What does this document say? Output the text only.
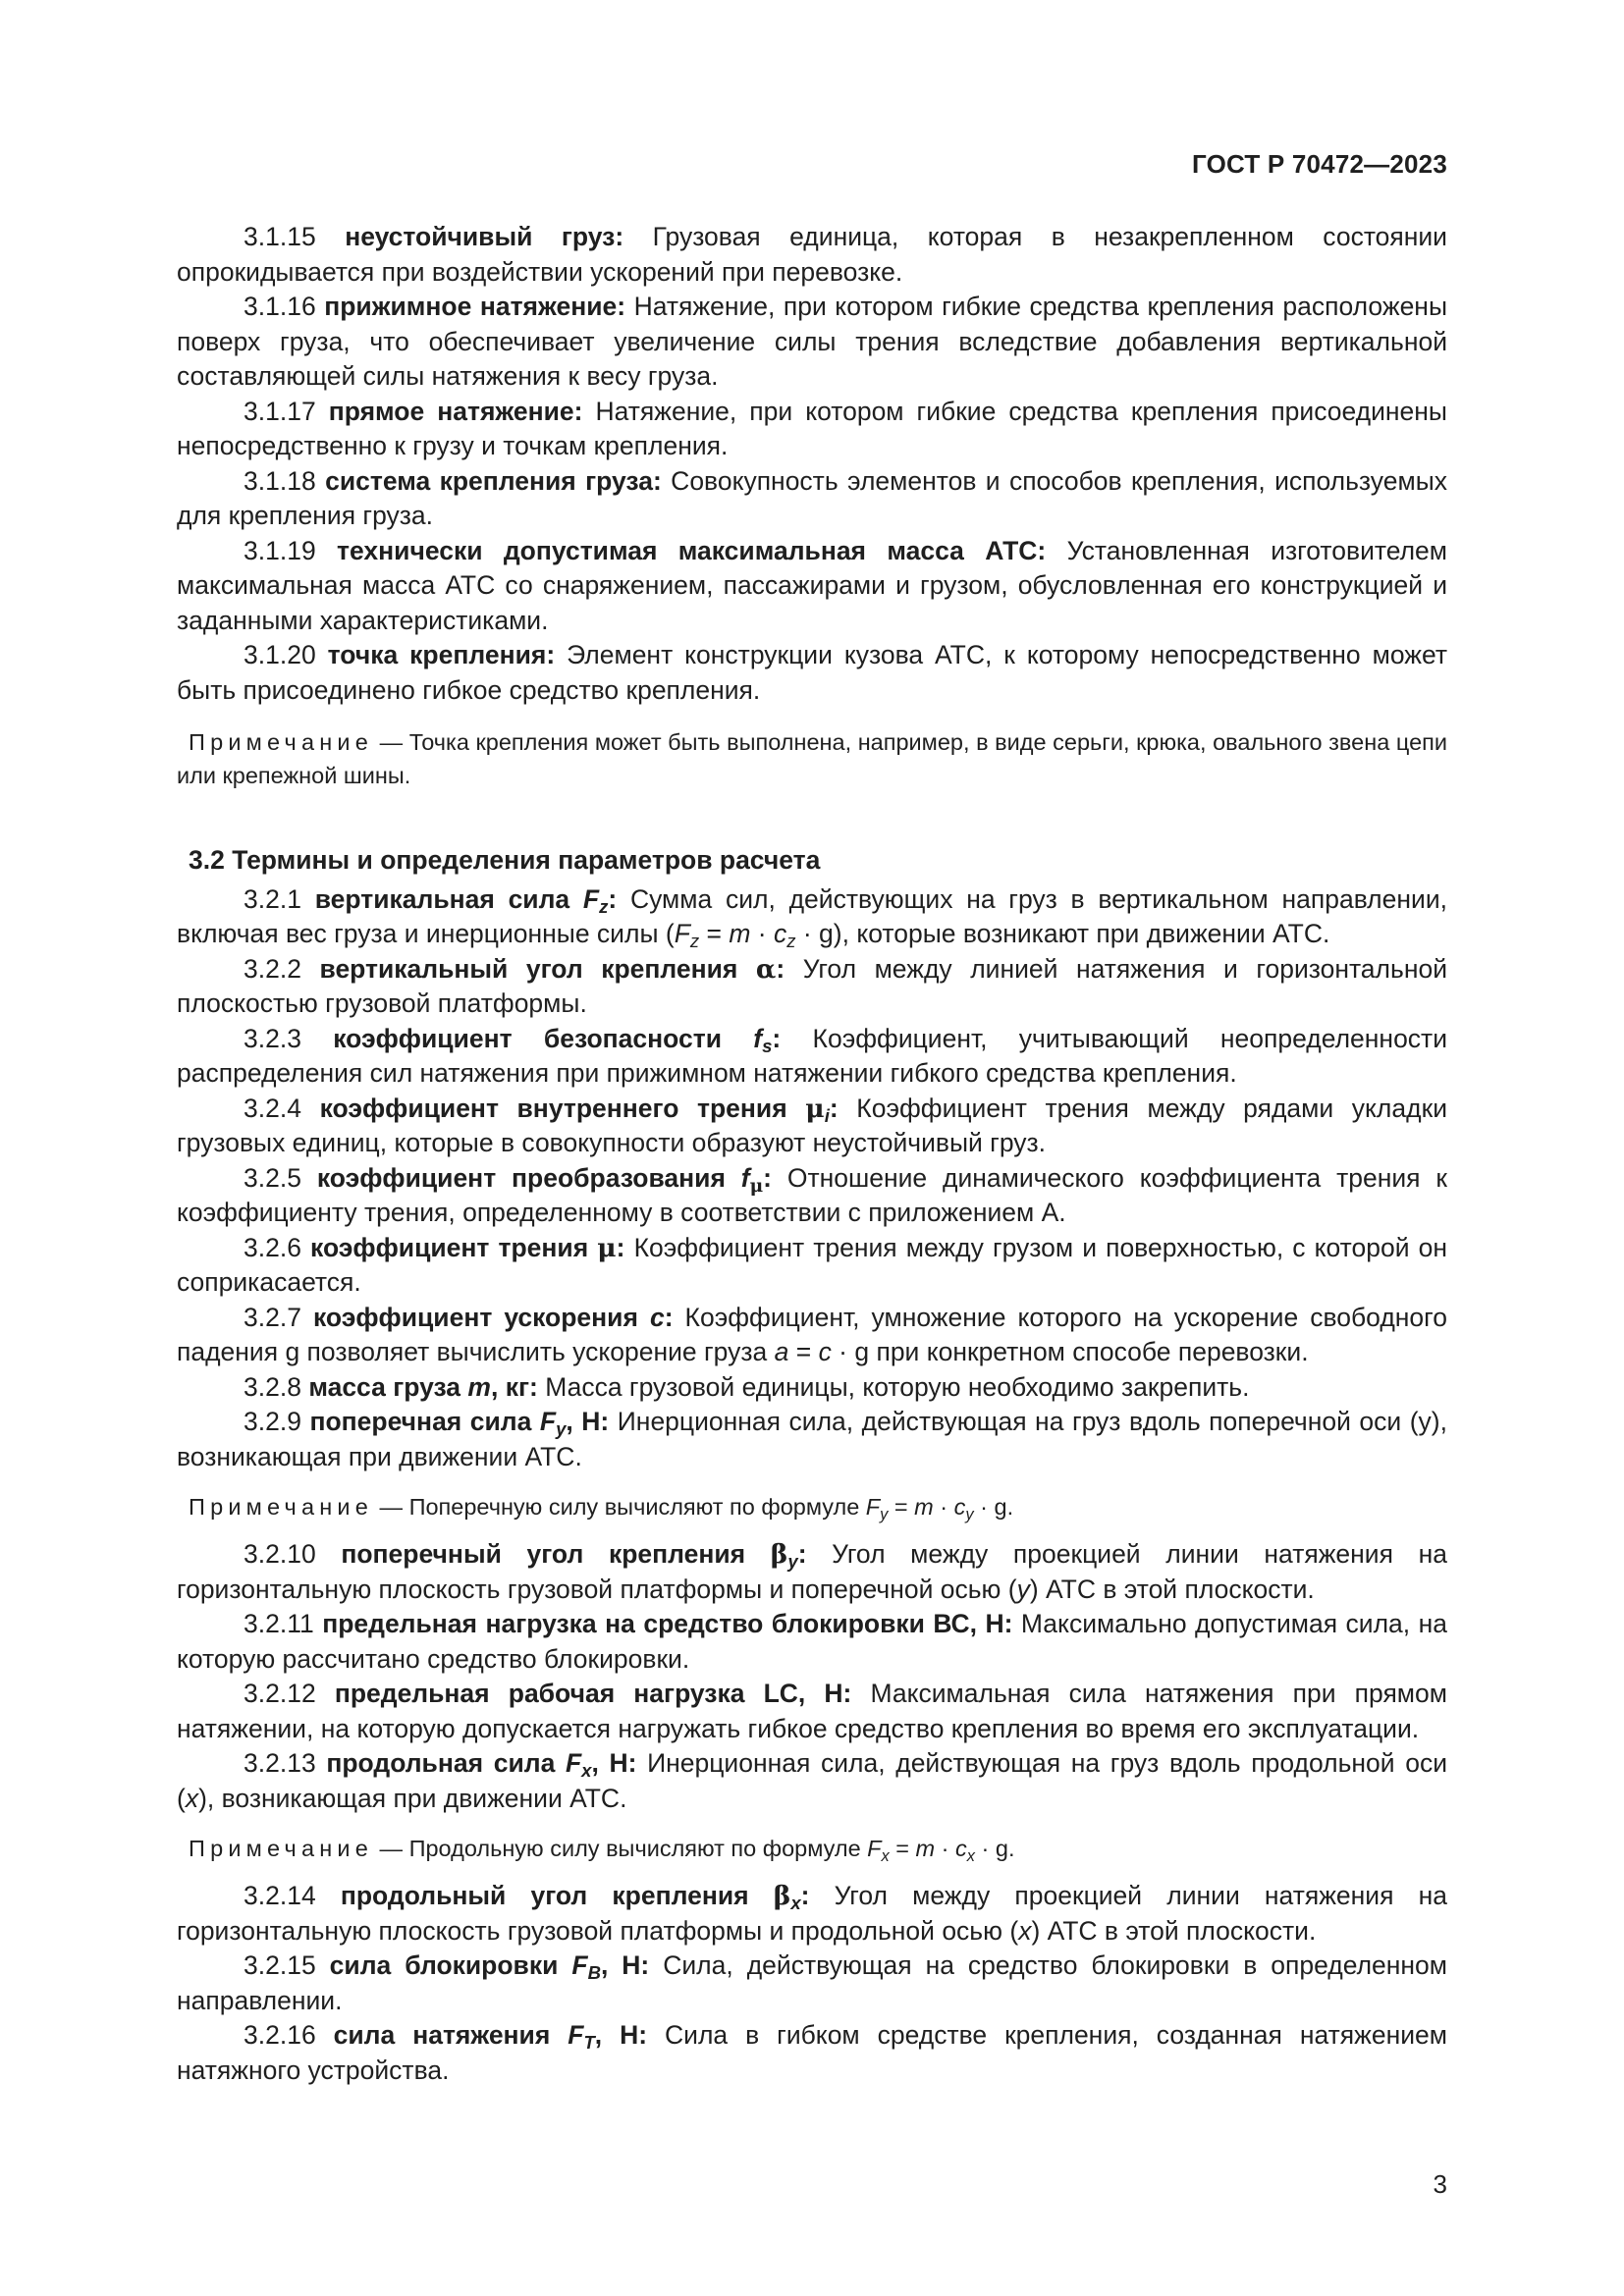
ГОСТ Р 70472—2023

3.1.15 неустойчивый груз: Грузовая единица, которая в незакрепленном состоянии опрокидывается при воздействии ускорений при перевозке.

3.1.16 прижимное натяжение: Натяжение, при котором гибкие средства крепления расположены поверх груза, что обеспечивает увеличение силы трения вследствие добавления вертикальной составляющей силы натяжения к весу груза.

3.1.17 прямое натяжение: Натяжение, при котором гибкие средства крепления присоединены непосредственно к грузу и точкам крепления.

3.1.18 система крепления груза: Совокупность элементов и способов крепления, используемых для крепления груза.

3.1.19 технически допустимая максимальная масса АТС: Установленная изготовителем максимальная масса АТС со снаряжением, пассажирами и грузом, обусловленная его конструкцией и заданными характеристиками.

3.1.20 точка крепления: Элемент конструкции кузова АТС, к которому непосредственно может быть присоединено гибкое средство крепления.

Примечание — Точка крепления может быть выполнена, например, в виде серьги, крюка, овального звена цепи или крепежной шины.

3.2 Термины и определения параметров расчета

3.2.1 вертикальная сила $F_z$: Сумма сил, действующих на груз в вертикальном направлении, включая вес груза и инерционные силы $(F_z = m \cdot c_z \cdot g)$, которые возникают при движении АТС.

3.2.2 вертикальный угол крепления α: Угол между линией натяжения и горизонтальной плоскостью грузовой платформы.

3.2.3 коэффициент безопасности $f_s$: Коэффициент, учитывающий неопределенности распределения сил натяжения при прижимном натяжении гибкого средства крепления.

3.2.4 коэффициент внутреннего трения $\mu_i$: Коэффициент трения между рядами укладки грузовых единиц, которые в совокупности образуют неустойчивый груз.

3.2.5 коэффициент преобразования $f_\mu$: Отношение динамического коэффициента трения к коэффициенту трения, определенному в соответствии с приложением А.

3.2.6 коэффициент трения μ: Коэффициент трения между грузом и поверхностью, с которой он соприкасается.

3.2.7 коэффициент ускорения c: Коэффициент, умножение которого на ускорение свободного падения g позволяет вычислить ускорение груза a = c · g при конкретном способе перевозки.

3.2.8 масса груза m, кг: Масса грузовой единицы, которую необходимо закрепить.

3.2.9 поперечная сила $F_y$, Н: Инерционная сила, действующая на груз вдоль поперечной оси (у), возникающая при движении АТС.

Примечание — Поперечную силу вычисляют по формуле $F_y = m \cdot c_y \cdot g$.

3.2.10 поперечный угол крепления $\beta_y$: Угол между проекцией линии натяжения на горизонтальную плоскость грузовой платформы и поперечной осью (y) АТС в этой плоскости.

3.2.11 предельная нагрузка на средство блокировки ВС, Н: Максимально допустимая сила, на которую рассчитано средство блокировки.

3.2.12 предельная рабочая нагрузка LC, Н: Максимальная сила натяжения при прямом натяжении, на которую допускается нагружать гибкое средство крепления во время его эксплуатации.

3.2.13 продольная сила $F_x$, Н: Инерционная сила, действующая на груз вдоль продольной оси (x), возникающая при движении АТС.

Примечание — Продольную силу вычисляют по формуле $F_x = m \cdot c_x \cdot g$.

3.2.14 продольный угол крепления $\beta_x$: Угол между проекцией линии натяжения на горизонтальную плоскость грузовой платформы и продольной осью (x) АТС в этой плоскости.

3.2.15 сила блокировки $F_B$, Н: Сила, действующая на средство блокировки в определенном направлении.

3.2.16 сила натяжения $F_T$, Н: Сила в гибком средстве крепления, созданная натяжением натяжного устройства.

3
